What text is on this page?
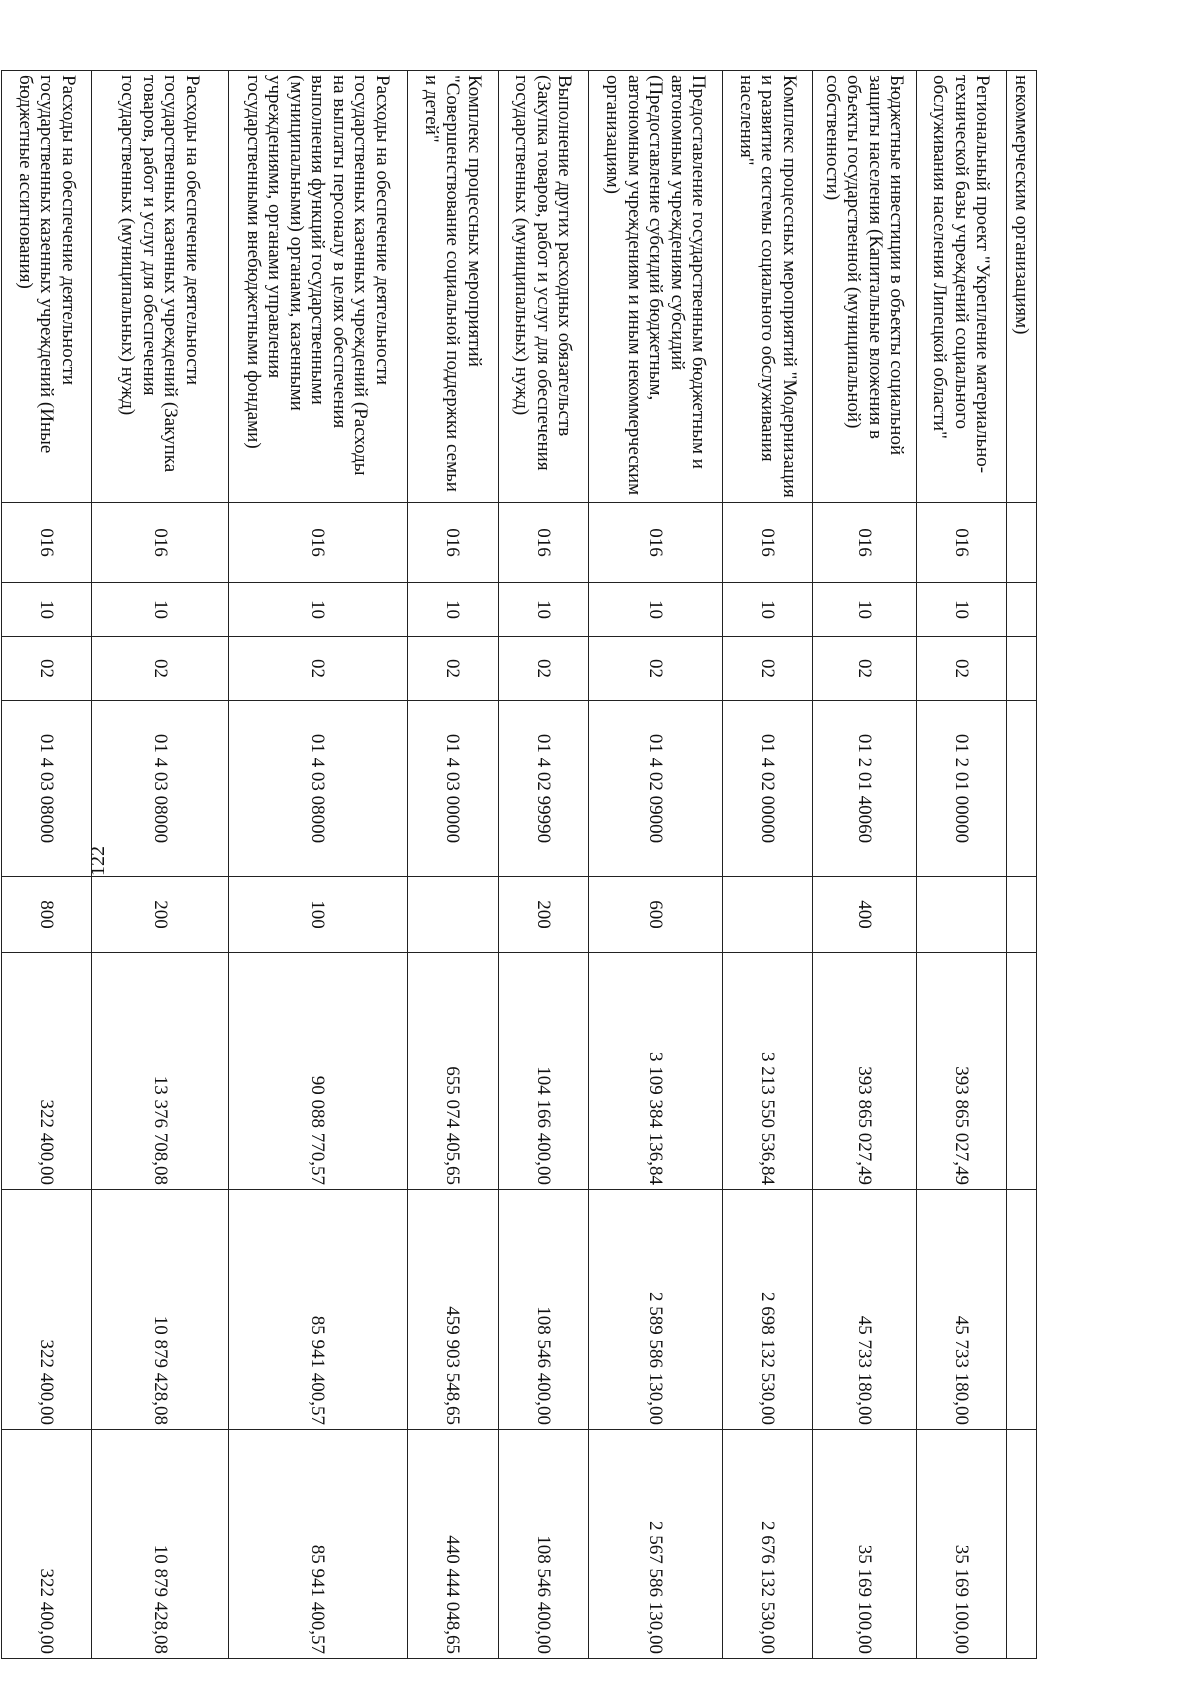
122
некоммерческим организациям)								
Региональный проект "Укрепление материально-технической базы учреждений социального обслуживания населения Липецкой области"	016	10	02	01 2 01 00000		393 865 027,49	45 733 180,00	35 169 100,00
Бюджетные инвестиции в объекты социальной защиты населения (Капитальные вложения в объекты государственной (муниципальной) собственности)	016	10	02	01 2 01 40060	400	393 865 027,49	45 733 180,00	35 169 100,00
Комплекс процессных мероприятий "Модернизация и развитие системы социального обслуживания населения"	016	10	02	01 4 02 00000		3 213 550 536,84	2 698 132 530,00	2 676 132 530,00
Предоставление государственным бюджетным и автономным учреждениям субсидий (Предоставление субсидий бюджетным, автономным учреждениям и иным некоммерческим организациям)	016	10	02	01 4 02 09000	600	3 109 384 136,84	2 589 586 130,00	2 567 586 130,00
Выполнение других расходных обязательств (Закупка товаров, работ и услуг для обеспечения государственных (муниципальных) нужд)	016	10	02	01 4 02 99990	200	104 166 400,00	108 546 400,00	108 546 400,00
Комплекс процессных мероприятий "Совершенствование социальной поддержки семьи и детей"	016	10	02	01 4 03 00000		655 074 405,65	459 903 548,65	440 444 048,65
Расходы на обеспечение деятельности государственных казенных учреждений (Расходы на выплаты персоналу в целях обеспечения выполнения функций государственными (муниципальными) органами, казенными учреждениями, органами управления государственными внебюджетными фондами)	016	10	02	01 4 03 08000	100	90 088 770,57	85 941 400,57	85 941 400,57
Расходы на обеспечение деятельности государственных казенных учреждений (Закупка товаров, работ и услуг для обеспечения государственных (муниципальных) нужд)	016	10	02	01 4 03 08000	200	13 376 708,08	10 879 428,08	10 879 428,08
Расходы на обеспечение деятельности государственных казенных учреждений (Иные бюджетные ассигнования)	016	10	02	01 4 03 08000	800	322 400,00	322 400,00	322 400,00
